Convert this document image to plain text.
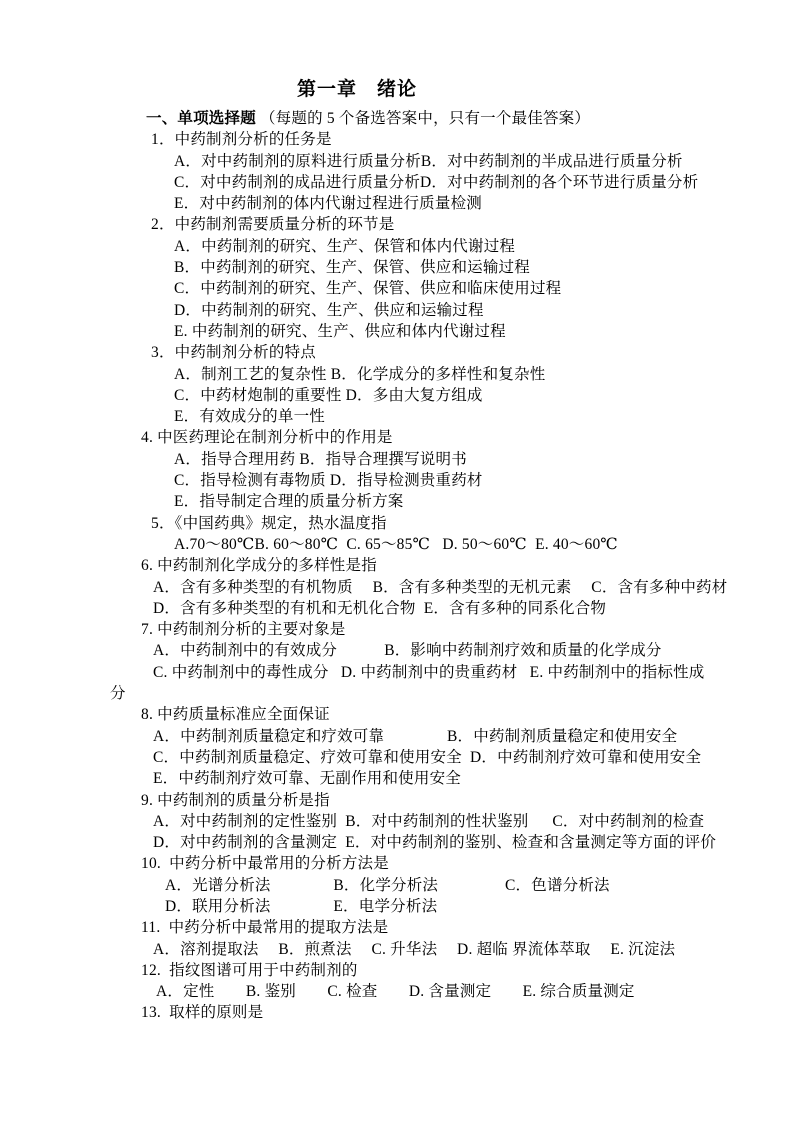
第一章　绪论
一、单项选择题 （每题的 5 个备选答案中，只有一个最佳答案）
1．中药制剂分析的任务是
A．对中药制剂的原料进行质量分析B．对中药制剂的半成品进行质量分析
C．对中药制剂的成品进行质量分析D．对中药制剂的各个环节进行质量分析
E．对中药制剂的体内代谢过程进行质量检测
2．中药制剂需要质量分析的环节是
A．中药制剂的研究、生产、保管和体内代谢过程
B．中药制剂的研究、生产、保管、供应和运输过程
C．中药制剂的研究、生产、保管、供应和临床使用过程
D．中药制剂的研究、生产、供应和运输过程
E. 中药制剂的研究、生产、供应和体内代谢过程
3．中药制剂分析的特点
A．制剂工艺的复杂性 B．化学成分的多样性和复杂性
C．中药材炮制的重要性 D．多由大复方组成
E．有效成分的单一性
4. 中医药理论在制剂分析中的作用是
A．指导合理用药 B．指导合理撰写说明书
C．指导检测有毒物质 D．指导检测贵重药材
E．指导制定合理的质量分析方案
5．《中国药典》规定，热水温度指
A.70～80℃B. 60～80℃  C. 65～85℃   D. 50～60℃  E. 40～60℃
6. 中药制剂化学成分的多样性是指
A．含有多种类型的有机物质　 B．含有多种类型的无机元素　 C．含有多种中药材
D．含有多种类型的有机和无机化合物  E．含有多种的同系化合物
7. 中药制剂分析的主要对象是
A．中药制剂中的有效成分　　　B．影响中药制剂疗效和质量的化学成分
C. 中药制剂中的毒性成分   D. 中药制剂中的贵重药材   E. 中药制剂中的指标性成
分
8. 中药质量标准应全面保证
A．中药制剂质量稳定和疗效可靠　　　　B．中药制剂质量稳定和使用安全
C．中药制剂质量稳定、疗效可靠和使用安全  D．中药制剂疗效可靠和使用安全
E．中药制剂疗效可靠、无副作用和使用安全
9. 中药制剂的质量分析是指
A．对中药制剂的定性鉴别  B．对中药制剂的性状鉴别　  C．对中药制剂的检查
D．对中药制剂的含量测定  E．对中药制剂的鉴别、检查和含量测定等方面的评价
10.  中药分析中最常用的分析方法是
A．光谱分析法　　　　B．化学分析法　　　　 C．色谱分析法
D．联用分析法　　　　E．电学分析法
11.  中药分析中最常用的提取方法是
A．溶剂提取法　 B．煎煮法　 C. 升华法　 D. 超临 界流体萃取　 E. 沉淀法
12.  指纹图谱可用于中药制剂的
A．定性　　B. 鉴别　　C. 检查　　D. 含量测定　　E. 综合质量测定
13.  取样的原则是
